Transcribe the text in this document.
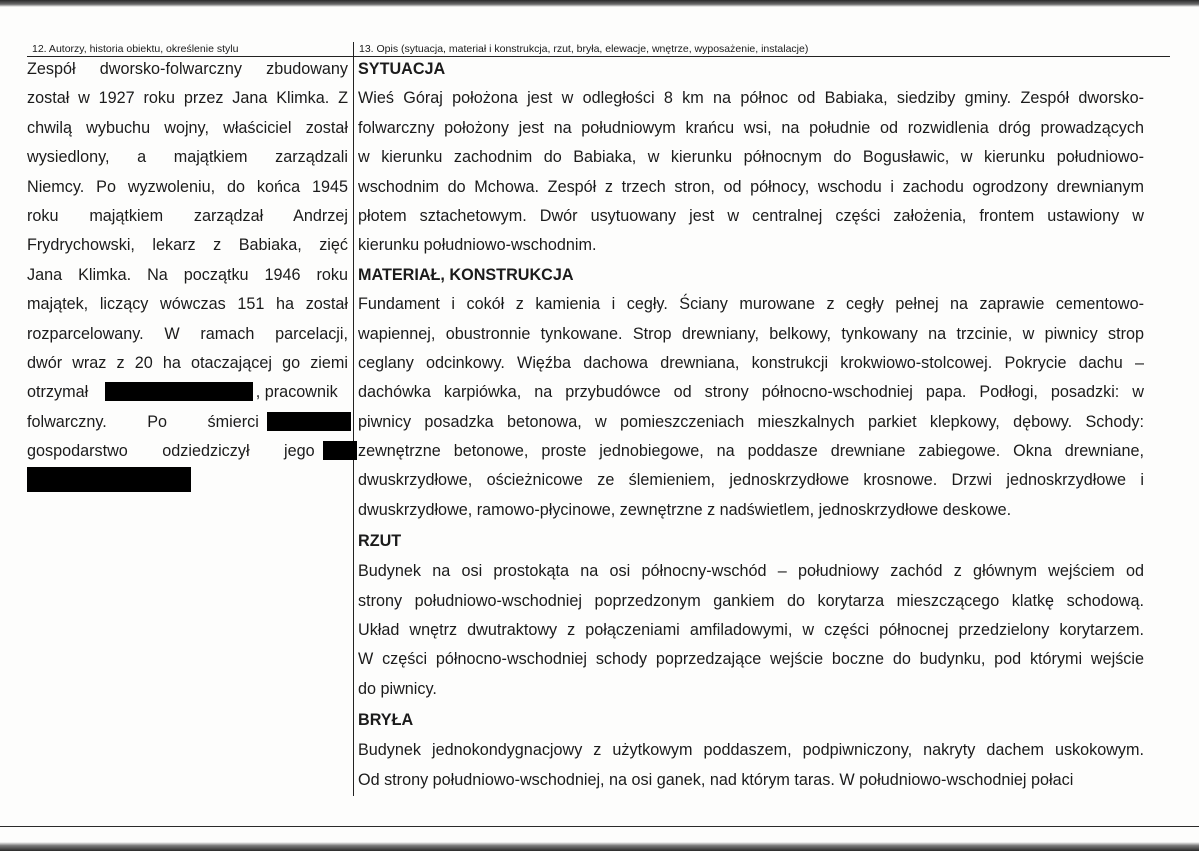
12. Autorzy, historia obiektu, określenie stylu	13. Opis (sytuacja, materiał i konstrukcja, rzut, bryła, elewacje, wnętrze, wyposażenie, instalacje)
Zespół dworsko-folwarczny zbudowany
został w 1927 roku przez Jana Klimka. Z
chwilą wybuchu wojny, właściciel został
wysiedlony, a majątkiem zarządzali
Niemcy. Po wyzwoleniu, do końca 1945
roku majątkiem zarządzał Andrzej
Frydrychowski, lekarz z Babiaka, zięć
Jana Klimka. Na początku 1946 roku
majątek, liczący wówczas 151 ha został
rozparcelowany. W ramach parcelacji,
dwór wraz z 20 ha otaczającej go ziemi
otrzymał	, pracownik
folwarczny. Po śmierci
gospodarstwo odziedziczył jego
SYTUACJA
Wieś Góraj położona jest w odległości 8 km na północ od Babiaka, siedziby gminy. Zespół dworsko-
folwarczny położony jest na południowym krańcu wsi, na południe od rozwidlenia dróg prowadzących
w kierunku zachodnim do Babiaka, w kierunku północnym do Bogusławic, w kierunku południowo-
wschodnim do Mchowa. Zespół z trzech stron, od północy, wschodu i zachodu ogrodzony drewnianym
płotem sztachetowym. Dwór usytuowany jest w centralnej części założenia, frontem ustawiony w
kierunku południowo-wschodnim.
MATERIAŁ, KONSTRUKCJA
Fundament i cokół z kamienia i cegły. Ściany murowane z cegły pełnej na zaprawie cementowo-
wapiennej, obustronnie tynkowane. Strop drewniany, belkowy, tynkowany na trzcinie, w piwnicy strop
ceglany odcinkowy. Więźba dachowa drewniana, konstrukcji krokwiowo-stolcowej. Pokrycie dachu –
dachówka karpiówka, na przybudówce od strony północno-wschodniej papa. Podłogi, posadzki: w
piwnicy posadzka betonowa, w pomieszczeniach mieszkalnych parkiet klepkowy, dębowy. Schody:
zewnętrzne betonowe, proste jednobiegowe, na poddasze drewniane zabiegowe. Okna drewniane,
dwuskrzydłowe, ościeżnicowe ze ślemieniem, jednoskrzydłowe krosnowe. Drzwi jednoskrzydłowe i
dwuskrzydłowe, ramowo-płycinowe, zewnętrzne z nadświetlem, jednoskrzydłowe deskowe.
RZUT
Budynek na osi prostokąta na osi północny-wschód – południowy zachód z głównym wejściem od
strony południowo-wschodniej poprzedzonym gankiem do korytarza mieszczącego klatkę schodową.
Układ wnętrz dwutraktowy z połączeniami amfiladowymi, w części północnej przedzielony korytarzem.
W części północno-wschodniej schody poprzedzające wejście boczne do budynku, pod którymi wejście
do piwnicy.
BRYŁA
Budynek jednokondygnacjowy z użytkowym poddaszem, podpiwniczony, nakryty dachem uskokowym.
Od strony południowo-wschodniej, na osi ganek, nad którym taras. W południowo-wschodniej połaci
